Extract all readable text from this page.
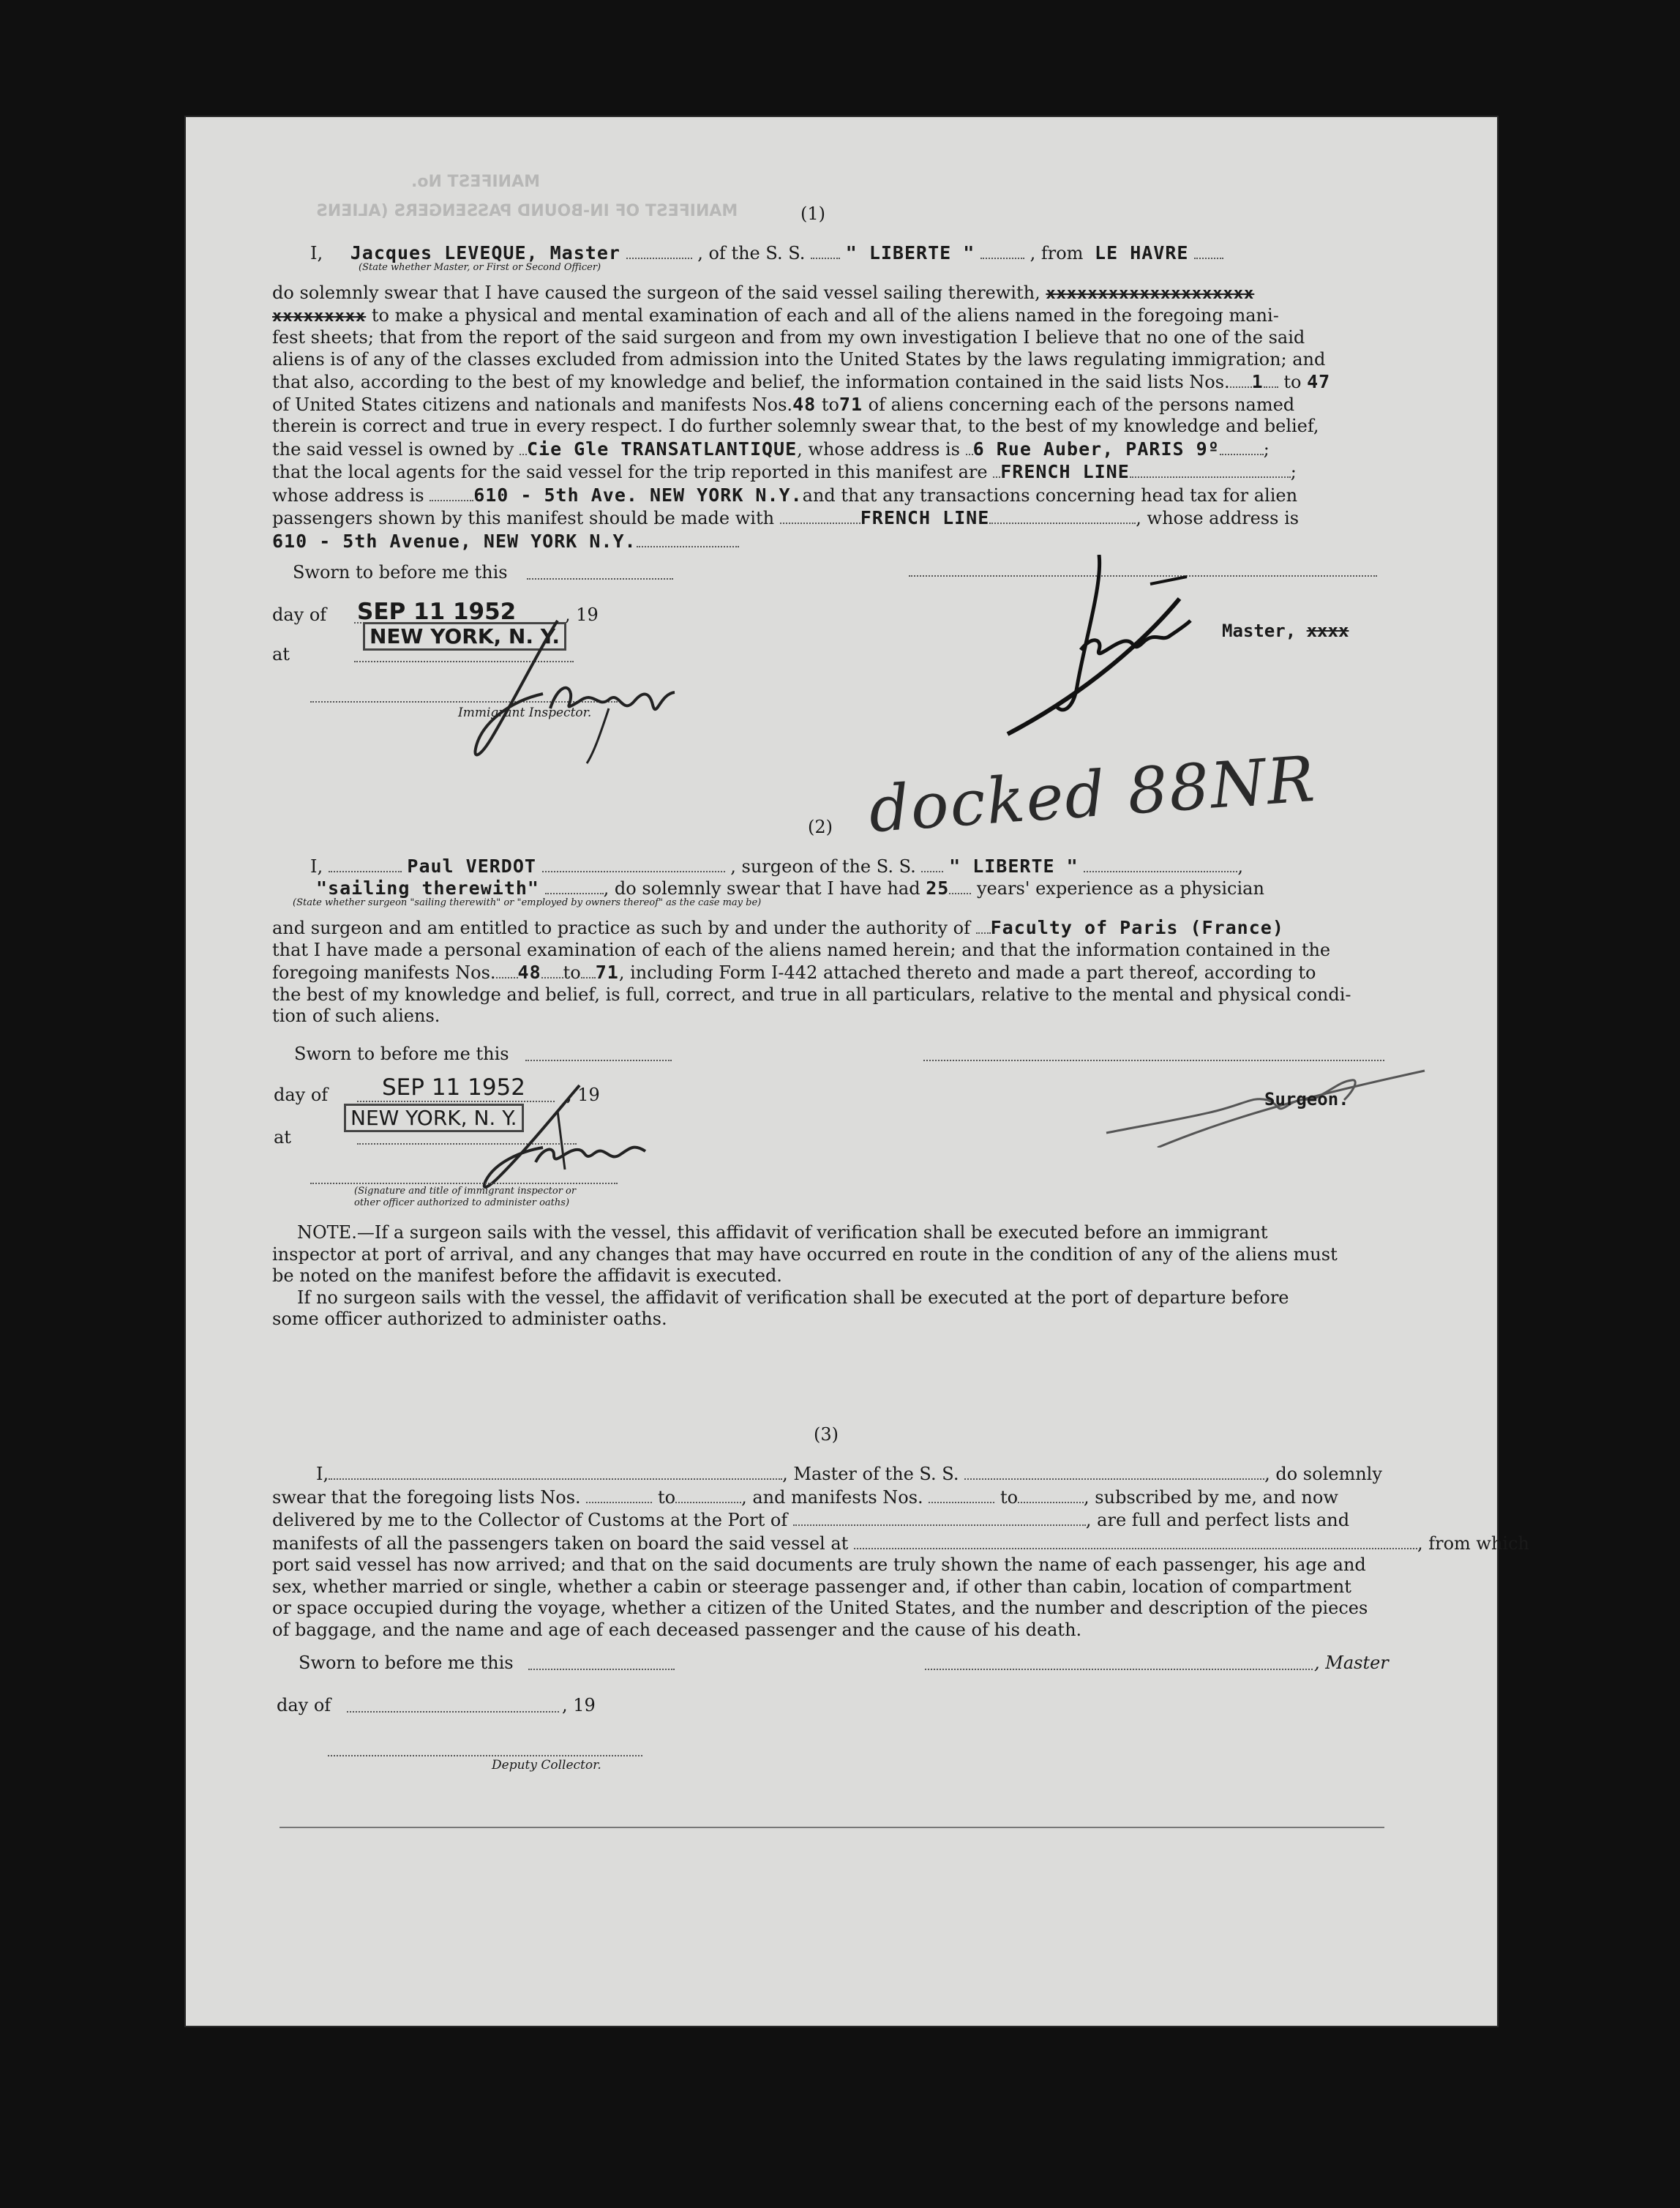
MANIFEST OF IN-BOUND PASSENGERS (ALIENS
MANIFEST No.
(1)
I, Jacques LEVEQUE, Master	, of the S. S. " LIBERTE "	, from LE HAVRE
(State whether Master, or First or Second Officer)
do solemnly swear that I have caused the surgeon of the said vessel sailing therewith, xxxxxxxxxxxxxxxxxxxx
xxxxxxxxx to make a physical and mental examination of each and all of the aliens named in the foregoing mani-
fest sheets; that from the report of the said surgeon and from my own investigation I believe that no one of the said
aliens is of any of the classes excluded from admission into the United States by the laws regulating immigration; and
that also, according to the best of my knowledge and belief, the information contained in the said lists Nos. 1 to 47
of United States citizens and nationals and manifests Nos.48 to71 of aliens concerning each of the persons named
therein is correct and true in every respect. I do further solemnly swear that, to the best of my knowledge and belief,
the said vessel is owned by Cie Gle TRANSATLANTIQUE, whose address is 6 Rue Auber, PARIS 9º	;
that the local agents for the said vessel for the trip reported in this manifest are FRENCH LINE	;
whose address is	610 - 5th Ave. NEW YORK N.Y.and that any transactions concerning head tax for alien
passengers shown by this manifest should be made with	FRENCH LINE	, whose address is
610 - 5th Avenue, NEW YORK N.Y.
Sworn to before me this
day of SEP 11 1952	, 19
at
NEW YORK, N. Y.
Immigrant Inspector.
Master, xxxx
docked 88NR
(2)
I,	Paul VERDOT	, surgeon of the S. S. " LIBERTE "	,
"sailing therewith"	, do solemnly swear that I have had 25 years' experience as a physician
(State whether surgeon "sailing therewith" or "employed by owners thereof" as the case may be)
and surgeon and am entitled to practice as such by and under the authority of Faculty of Paris (France)
that I have made a personal examination of each of the aliens named herein; and that the information contained in the
foregoing manifests Nos. 48 to 71, including Form I-442 attached thereto and made a part thereof, according to
the best of my knowledge and belief, is full, correct, and true in all particulars, relative to the mental and physical condi-
tion of such aliens.
Sworn to before me this
day of SEP 11 1952 , 19	Surgeon.
at
NEW YORK, N. Y.
(Signature and title of immigrant inspector or
other officer authorized to administer oaths)
NOTE.—If a surgeon sails with the vessel, this affidavit of verification shall be executed before an immigrant
inspector at port of arrival, and any changes that may have occurred en route in the condition of any of the aliens must
be noted on the manifest before the affidavit is executed.
If no surgeon sails with the vessel, the affidavit of verification shall be executed at the port of departure before
some officer authorized to administer oaths.
(3)
I,	, Master of the S. S.	, do solemnly
swear that the foregoing lists Nos.	to	, and manifests Nos.	to	, subscribed by me, and now
delivered by me to the Collector of Customs at the Port of	, are full and perfect lists and
manifests of all the passengers taken on board the said vessel at	, from which
port said vessel has now arrived; and that on the said documents are truly shown the name of each passenger, his age and
sex, whether married or single, whether a cabin or steerage passenger and, if other than cabin, location of compartment
or space occupied during the voyage, whether a citizen of the United States, and the number and description of the pieces
of baggage, and the name and age of each deceased passenger and the cause of his death.
Sworn to before me this	, Master
day of	, 19
Deputy Collector.
